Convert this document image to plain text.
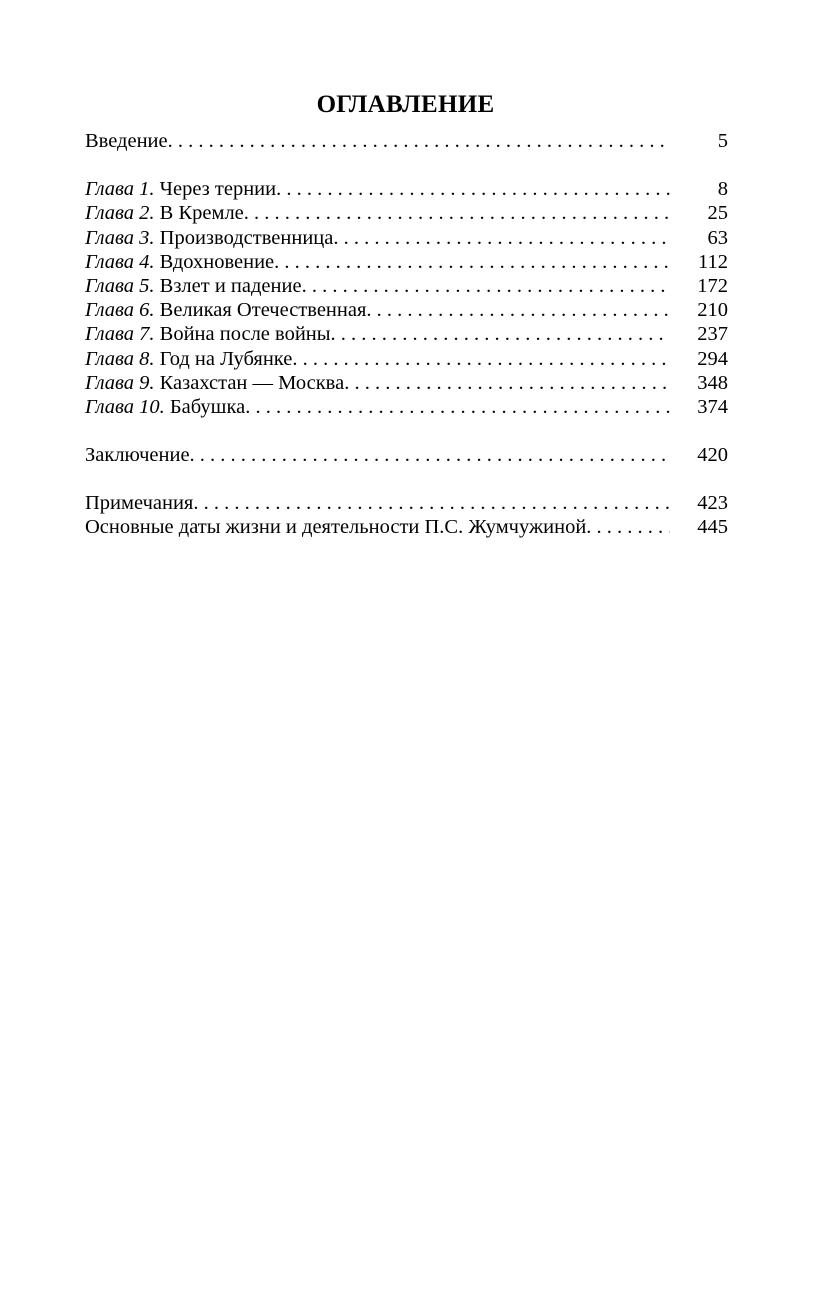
ОГЛАВЛЕНИЕ
Введение . . .	5
Глава 1. Через тернии . . .	8
Глава 2. В Кремле . . .	25
Глава 3. Производственница . . .	63
Глава 4. Вдохновение . . .	112
Глава 5. Взлет и падение . . .	172
Глава 6. Великая Отечественная . . .	210
Глава 7. Война после войны . . .	237
Глава 8. Год на Лубянке . . .	294
Глава 9. Казахстан — Москва . . .	348
Глава 10. Бабушка . . .	374
Заключение . . .	420
Примечания . . .	423
Основные даты жизни и деятельности П.С. Жумчужиной . . .	445
